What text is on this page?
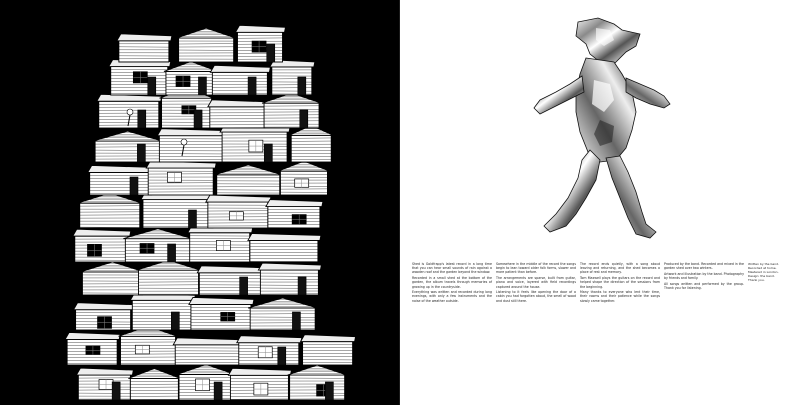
Shed is Goldfrapp's latest record in a long time that you can hear small sounds of rain against a wooden roof and the garden beyond the window.

Recorded in a small shed at the bottom of the garden, the album travels through memories of growing up in the countryside.

Everything was written and recorded during long evenings, with only a few instruments and the noise of the weather outside.

Somewhere in the middle of the record the songs begin to lean toward older folk forms, slower and more patient than before.

The arrangements are sparse, built from guitar, piano and voice, layered with field recordings captured around the house.

Listening to it feels like opening the door of a cabin you had forgotten about, the smell of wood and dust still there.

The record ends quietly, with a song about leaving and returning, and the shed becomes a place of rest and memory.

Tom Maxwell plays the guitars on the record and helped shape the direction of the sessions from the beginning.

Many thanks to everyone who lent their time, their rooms and their patience while the songs slowly came together.

Produced by the band. Recorded and mixed in the garden shed over two winters.

Artwork and illustration by the band. Photography by friends and family.

All songs written and performed by the group. Thank you for listening.

Written by the band.
Recorded at home.
Mastered in London.
Design: the band.
Thank you.
